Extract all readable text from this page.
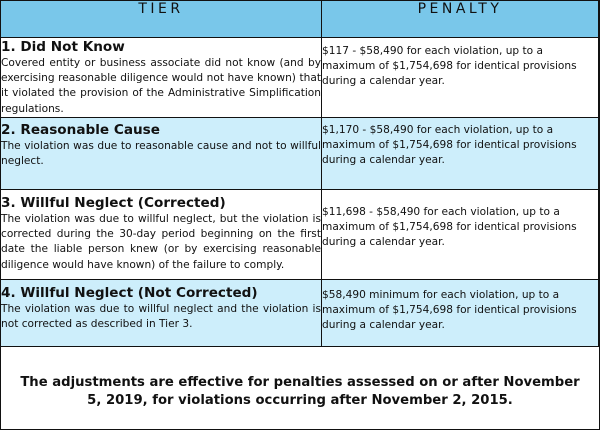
TIER	PENALTY

1. Did Not Know
Covered entity or business associate did not know (and by exercising reasonable diligence would not have known) that it violated the provision of the Administrative Simplification regulations.	$117 - $58,490 for each violation, up to a maximum of $1,754,698 for identical provisions during a calendar year.

2. Reasonable Cause
The violation was due to reasonable cause and not to willful neglect.	$1,170 - $58,490 for each violation, up to a maximum of $1,754,698 for identical provisions during a calendar year.

3. Willful Neglect (Corrected)
The violation was due to willful neglect, but the violation is corrected during the 30-day period beginning on the first date the liable person knew (or by exercising reasonable diligence would have known) of the failure to comply.	$11,698 - $58,490 for each violation, up to a maximum of $1,754,698 for identical provisions during a calendar year.

4. Willful Neglect (Not Corrected)
The violation was due to willful neglect and the violation is not corrected as described in Tier 3.	$58,490 minimum for each violation, up to a maximum of $1,754,698 for identical provisions during a calendar year.

The adjustments are effective for penalties assessed on or after November 5, 2019, for violations occurring after November 2, 2015.
